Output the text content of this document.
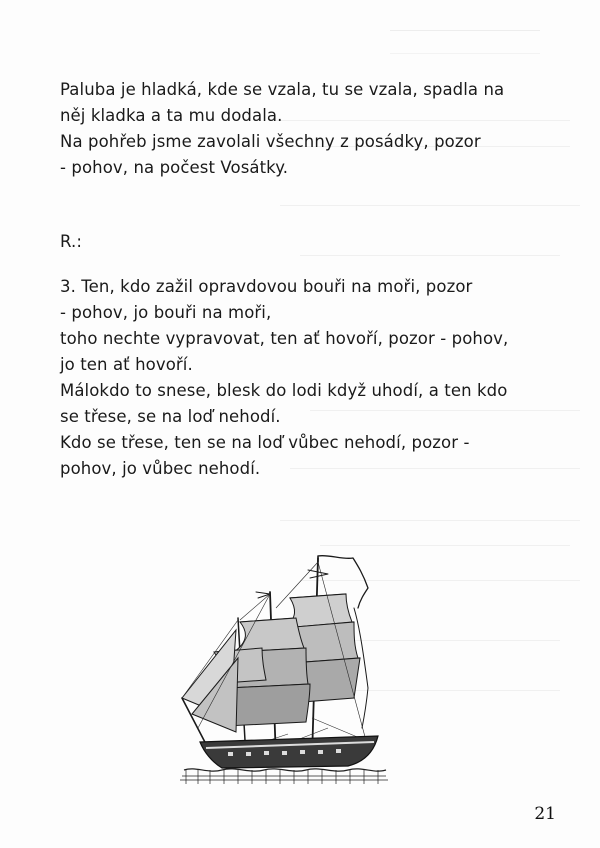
Paluba je hladká, kde se vzala, tu se vzala, spadla na
něj kladka a ta mu dodala.
Na pohřeb jsme zavolali všechny z posádky, pozor
- pohov, na počest Vosátky.
R.:
3. Ten, kdo zažil opravdovou bouři na moři, pozor
- pohov, jo bouři na moři,
toho nechte vypravovat, ten ať hovoří, pozor - pohov,
jo ten ať hovoří.
Málokdo to snese, blesk do lodi když uhodí, a ten kdo
se třese, se na loď nehodí.
Kdo se třese, ten se na loď vůbec nehodí, pozor -
pohov, jo vůbec nehodí.
21
